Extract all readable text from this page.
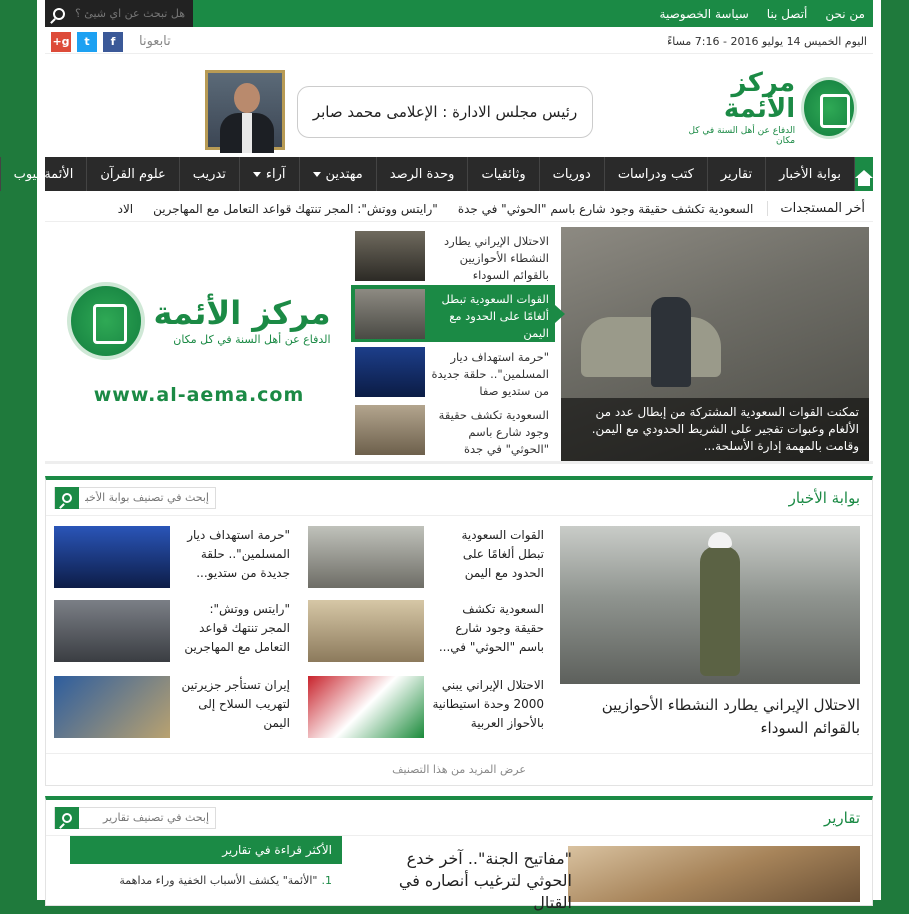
من نحن
أتصل بنا
سياسة الخصوصية
هل تبحث عن اي شيئ ؟
اليوم الخميس 14 يوليو 2016 - 7:16 مساءً
تابعونا
f
t
g+
مركز الأئمة
الدفاع عن أهل السنة في كل مكان
رئيس مجلس الادارة : الإعلامى محمد صابر
بوابة الأخبار
تقارير
كتب ودراسات
دوريات
وثائقيات
وحدة الرصد
مهتدين
آراء
تدريب
علوم القرآن
الأئمة تيوب
أخر المستجدات
السعودية تكشف حقيقة وجود شارع باسم "الحوثي" في جدة
"رايتس ووتش": المجر تنتهك قواعد التعامل مع المهاجرين
الاد
تمكنت القوات السعودية المشتركة من إبطال عدد من الألغام وعبوات تفجير على الشريط الحدودي مع اليمن. وقامت بالمهمة إدارة الأسلحة...
الاحتلال الإيراني يطارد النشطاء الأحوازيين بالقوائم السوداء
القوات السعودية تبطل ألغامًا على الحدود مع اليمن
"حرمة استهداف ديار المسلمين".. حلقة جديدة من ستديو صفا
السعودية تكشف حقيقة وجود شارع باسم "الحوثي" في جدة
مركز الأئمة
الدفاع عن أهل السنة في كل مكان
www.al-aema.com
بوابة الأخبار
إبحث في تصنيف بوابة الأخبار
الاحتلال الإيراني يطارد النشطاء الأحوازيين بالقوائم السوداء
القوات السعودية تبطل ألغامًا على الحدود مع اليمن
"حرمة استهداف ديار المسلمين".. حلقة جديدة من ستديو...
السعودية تكشف حقيقة وجود شارع باسم "الحوثي" في...
"رايتس ووتش": المجر تنتهك قواعد التعامل مع المهاجرين
الاحتلال الإيراني يبني 2000 وحدة استيطانية بالأحواز العربية
إيران تستأجر جزيرتين لتهريب السلاح إلى اليمن
عرض المزيد من هذا التصنيف
تقارير
إبحث في تصنيف تقارير
"مفاتيح الجنة".. آخر خدع الحوثي لترغيب أنصاره في القتال
الأكثر قراءة في تقارير
1.
"الأئمة" يكشف الأسباب الخفية وراء مداهمة
